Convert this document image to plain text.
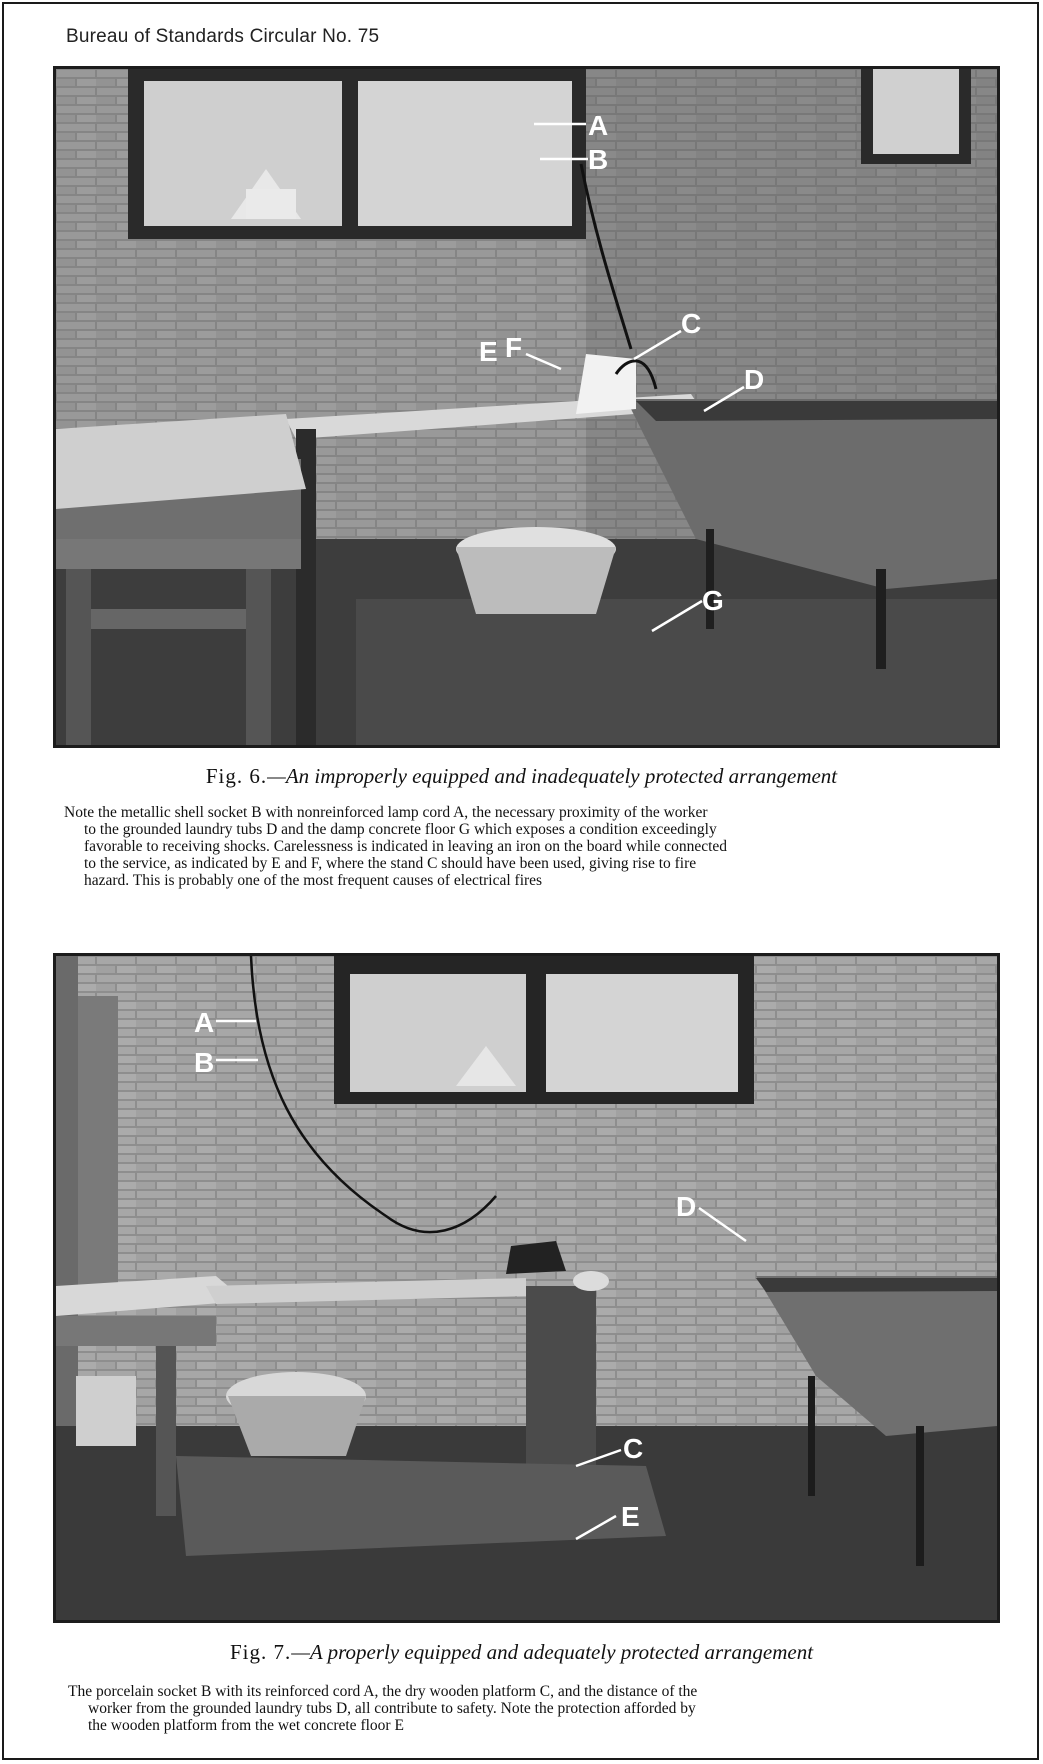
Bureau of Standards Circular No. 75
A
B
C
D
E F
G
Fig. 6.—An improperly equipped and inadequately protected arrangement
Note the metallic shell socket B with nonreinforced lamp cord A, the necessary proximity of the worker
to the grounded laundry tubs D and the damp concrete floor G which exposes a condition exceedingly
favorable to receiving shocks. Carelessness is indicated in leaving an iron on the board while connected
to the service, as indicated by E and F, where the stand C should have been used, giving rise to fire
hazard. This is probably one of the most frequent causes of electrical fires
A
B
D
C
E
Fig. 7.—A properly equipped and adequately protected arrangement
The porcelain socket B with its reinforced cord A, the dry wooden platform C, and the distance of the
worker from the grounded laundry tubs D, all contribute to safety. Note the protection afforded by
the wooden platform from the wet concrete floor E
